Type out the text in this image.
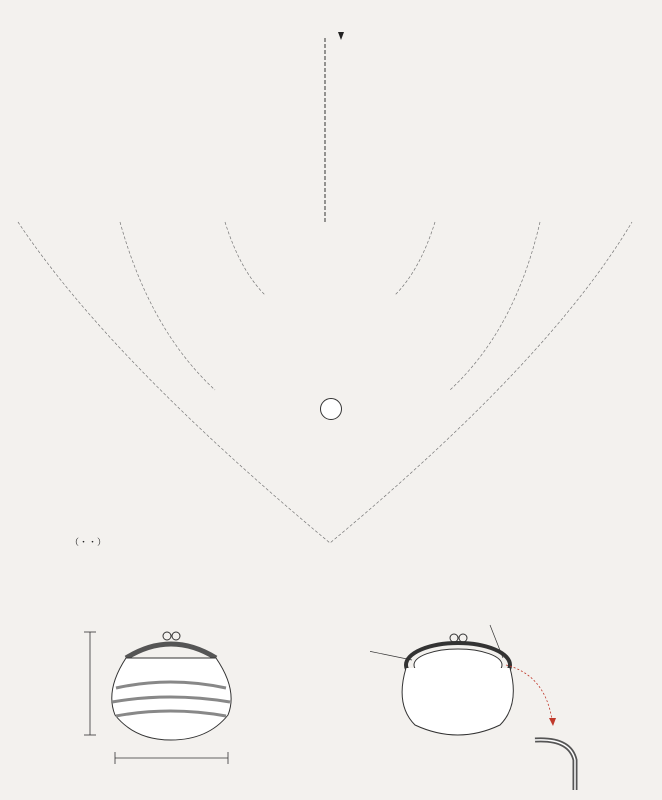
（・・）
